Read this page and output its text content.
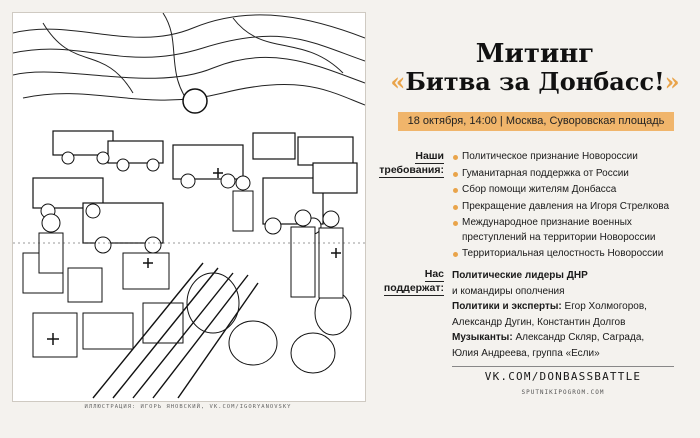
ИЛЛЮСТРАЦИЯ: ИГОРЬ ЯНОВСКИЙ, VK.COM/IGORYANOVSKY
Митинг
«Битва за Донбасс!»
18 октября, 14:00 | Москва, Суворовская площадь
Наши
требования:
Политическое признание Новороссии
Гуманитарная поддержка от России
Сбор помощи жителям Донбасса
Прекращение давления на Игоря Стрелкова
Международное признание военных преступлений на территории Новороссии
Территориальная целостность Новороссии
Нас
поддержат:
Политические лидеры ДНР
и командиры ополчения
Политики и эксперты: Егор Холмогоров,
Александр Дугин, Константин Долгов
Музыканты: Александр Скляр, Саграда,
Юлия Андреева, группа «Если»
VK.COM/DONBASSBATTLE
SPUTNIKIPOGROM.COM
